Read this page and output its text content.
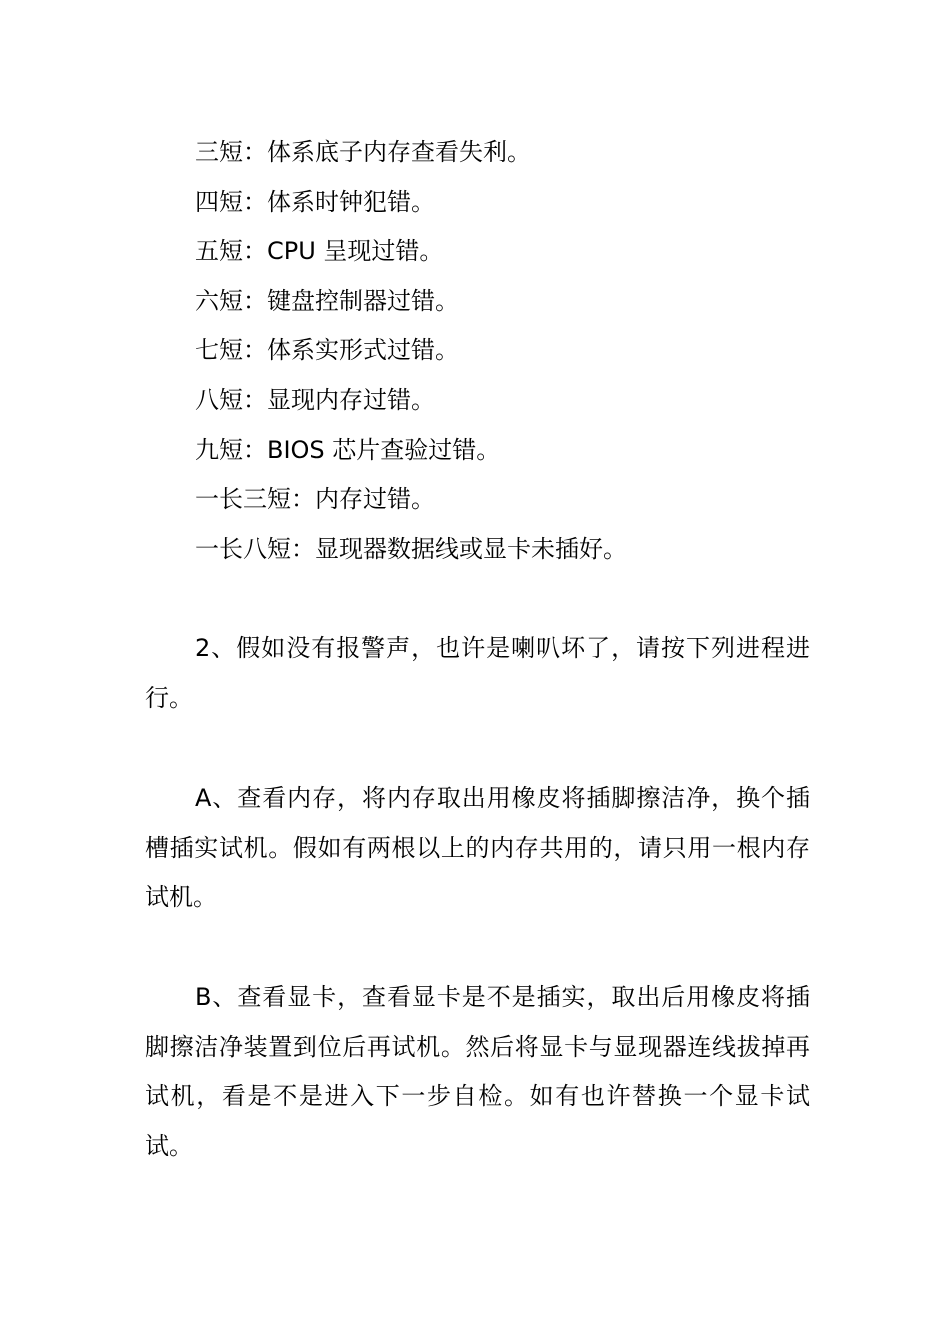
三短：体系底子内存查看失利。
四短：体系时钟犯错。
五短：CPU 呈现过错。
六短：键盘控制器过错。
七短：体系实形式过错。
八短：显现内存过错。
九短：BIOS 芯片查验过错。
一长三短：内存过错。
一长八短：显现器数据线或显卡未插好。

2、假如没有报警声，也许是喇叭坏了，请按下列进程进行。

A、查看内存，将内存取出用橡皮将插脚擦洁净，换个插槽插实试机。假如有两根以上的内存共用的，请只用一根内存试机。

B、查看显卡，查看显卡是不是插实，取出后用橡皮将插脚擦洁净装置到位后再试机。然后将显卡与显现器连线拔掉再试机，看是不是进入下一步自检。如有也许替换一个显卡试试。
